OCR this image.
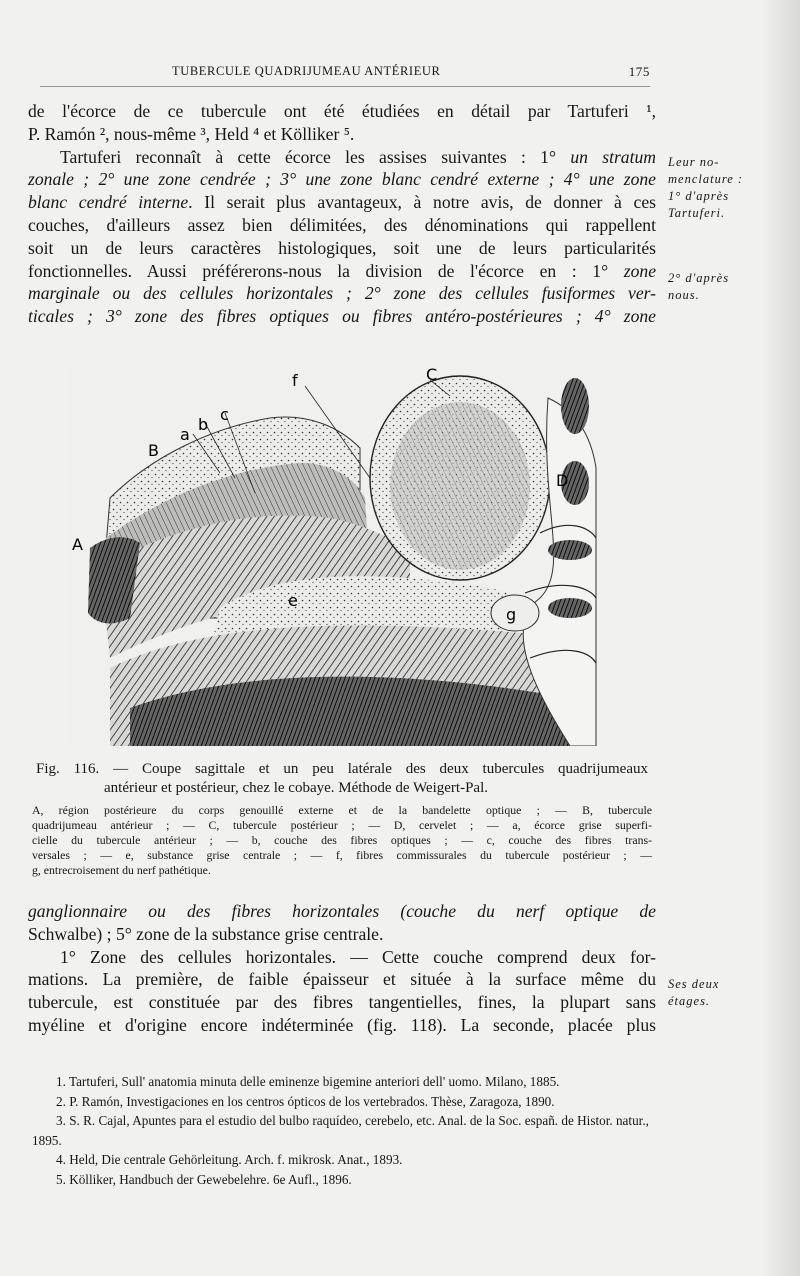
TUBERCULE QUADRIJUMEAU ANTÉRIEUR	175

de l'écorce de ce tubercule ont été étudiées en détail par Tartuferi ¹,

P. Ramón ², nous-même ³, Held ⁴ et Kölliker ⁵.

Tartuferi reconnaît à cette écorce les assises suivantes : 1° un stratum

zonale ; 2° une zone cendrée ; 3° une zone blanc cendré externe ; 4° une zone

blanc cendré interne. Il serait plus avantageux, à notre avis, de donner à ces

couches, d'ailleurs assez bien délimitées, des dénominations qui rappellent

soit un de leurs caractères histologiques, soit une de leurs particularités

fonctionnelles. Aussi préférerons-nous la division de l'écorce en : 1° zone

marginale ou des cellules horizontales ; 2° zone des cellules fusiformes ver-

ticales ; 3° zone des fibres optiques ou fibres antéro-postérieures ; 4° zone

Leur no-
menclature :
1° d'après
Tartuferi.
2° d'après
nous.
Ses deux
étages.
A
B
a
b
c
f	C
D
e
g

Fig. 116. — Coupe sagittale et un peu latérale des deux tubercules quadrijumeaux

antérieur et postérieur, chez le cobaye. Méthode de Weigert-Pal.

A, région postérieure du corps genouillé externe et de la bandelette optique ; — B, tubercule

quadrijumeau antérieur ; — C, tubercule postérieur ; — D, cervelet ; — a, écorce grise superfi-

cielle du tubercule antérieur ; — b, couche des fibres optiques ; — c, couche des fibres trans-

versales ; — e, substance grise centrale ; — f, fibres commissurales du tubercule postérieur ; —

g, entrecroisement du nerf pathétique.

ganglionnaire ou des fibres horizontales (couche du nerf optique de

Schwalbe) ; 5° zone de la substance grise centrale.

1° Zone des cellules horizontales. — Cette couche comprend deux for-

mations. La première, de faible épaisseur et située à la surface même du

tubercule, est constituée par des fibres tangentielles, fines, la plupart sans

myéline et d'origine encore indéterminée (fig. 118). La seconde, placée plus

1. Tartuferi, Sull' anatomia minuta delle eminenze bigemine anteriori dell' uomo. Milano, 1885.

2. P. Ramón, Investigaciones en los centros ópticos de los vertebrados. Thèse, Zaragoza, 1890.

3. S. R. Cajal, Apuntes para el estudio del bulbo raquídeo, cerebelo, etc. Anal. de la Soc. españ. de Histor. natur., 1895.

4. Held, Die centrale Gehörleitung. Arch. f. mikrosk. Anat., 1893.

5. Kölliker, Handbuch der Gewebelehre. 6e Aufl., 1896.
